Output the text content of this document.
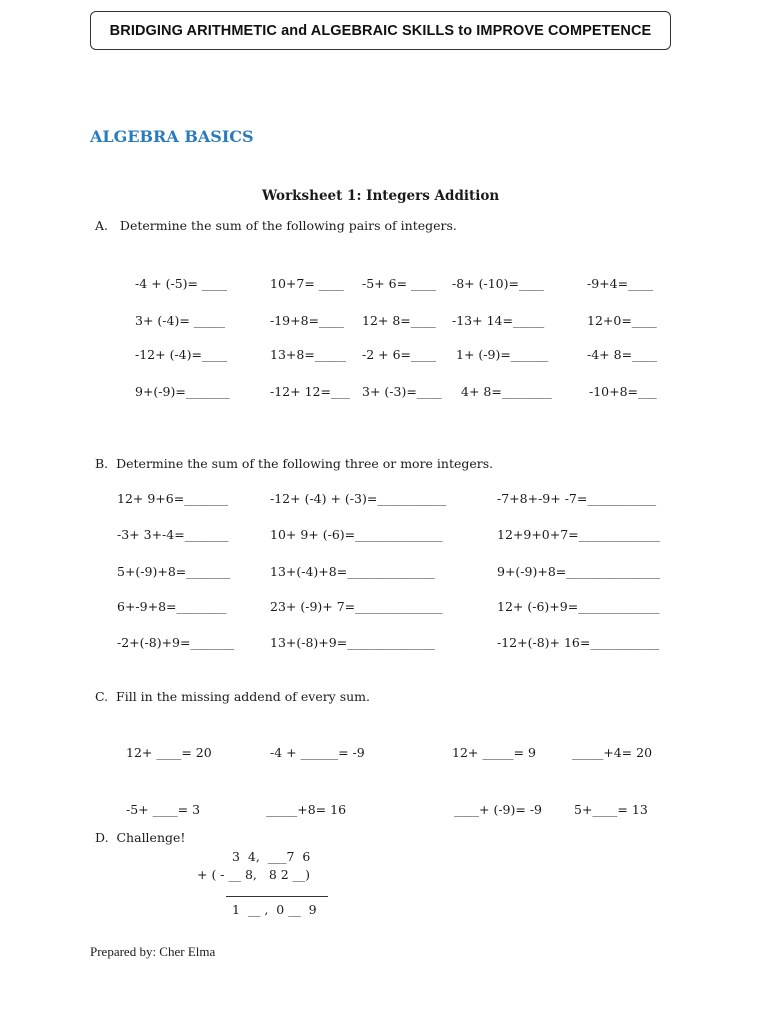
BRIDGING ARITHMETIC and ALGEBRAIC SKILLS to IMPROVE COMPETENCE
ALGEBRA BASICS
Worksheet 1: Integers Addition
A.   Determine the sum of the following pairs of integers.
-4 + (-5)= ____	10+7= ____ -5+ 6= ____ -8+ (-10)=____	-9+4=____
3+ (-4)= _____	-19+8=____ 12+ 8=____ -13+ 14=_____	12+0=____
-12+ (-4)=____	13+8=_____ -2 + 6=____ 1+ (-9)=______	-4+ 8=____
9+(-9)=_______	-12+ 12=___ 3+ (-3)=____ 4+ 8=________	-10+8=___
B.  Determine the sum of the following three or more integers.
12+ 9+6=_______	-12+ (-4) + (-3)=___________	-7+8+-9+ -7=___________
-3+ 3+-4=_______	10+ 9+ (-6)=______________	12+9+0+7=_____________
5+(-9)+8=_______	13+(-4)+8=______________	9+(-9)+8=_______________
6+-9+8=________	23+ (-9)+ 7=______________	12+ (-6)+9=_____________
-2+(-8)+9=_______	13+(-8)+9=______________	-12+(-8)+ 16=___________
C.  Fill in the missing addend of every sum.
12+ ____= 20	-4 + ______= -9	12+ _____= 9	_____+4= 20
-5+ ____= 3	_____+8= 16	____+ (-9)= -9	5+____= 13
D.  Challenge!
3  4,  ___7  6
+ ( - __ 8,   8 2 __)
1  __ ,  0 __  9
Prepared by: Cher Elma
